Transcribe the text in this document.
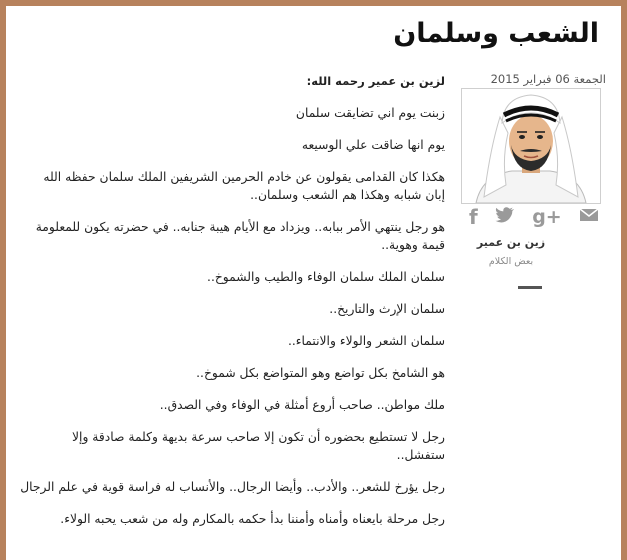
الشعب وسلمان
الجمعة 06 فبراير 2015
g+
f
زين بن عمير
بعض الكلام
لزين بن عمير رحمه الله:

زبنت يوم اني تضايقت سلمان

يوم انها ضاقت علي الوسيعه

هكذا كان القدامى يقولون عن خادم الحرمين الشريفين الملك سلمان حفظه الله إبان شبابه وهكذا هم الشعب وسلمان..

هو رجل ينتهي الأمر ببابه.. ويزداد مع الأيام هيبة جنابه.. في حضرته يكون للمعلومة قيمة وهوية..

سلمان الملك سلمان الوفاء والطيب والشموخ..

سلمان الإرث والتاريخ..

سلمان الشعر والولاء والانتماء..

هو الشامخ بكل تواضع وهو المتواضع بكل شموخ..

ملك مواطن.. صاحب أروع أمثلة في الوفاء وفي الصدق..

رجل لا تستطيع بحضوره أن تكون إلا صاحب سرعة بديهة وكلمة صادقة وإلا ستفشل..

رجل يؤرخ للشعر.. والأدب.. وأيضا الرجال.. والأنساب له فراسة قوية في علم الرجال

رجل مرحلة بايعناه وأمناه وأمننا بدأ حكمه بالمكارم وله من شعب يحبه الولاء.
